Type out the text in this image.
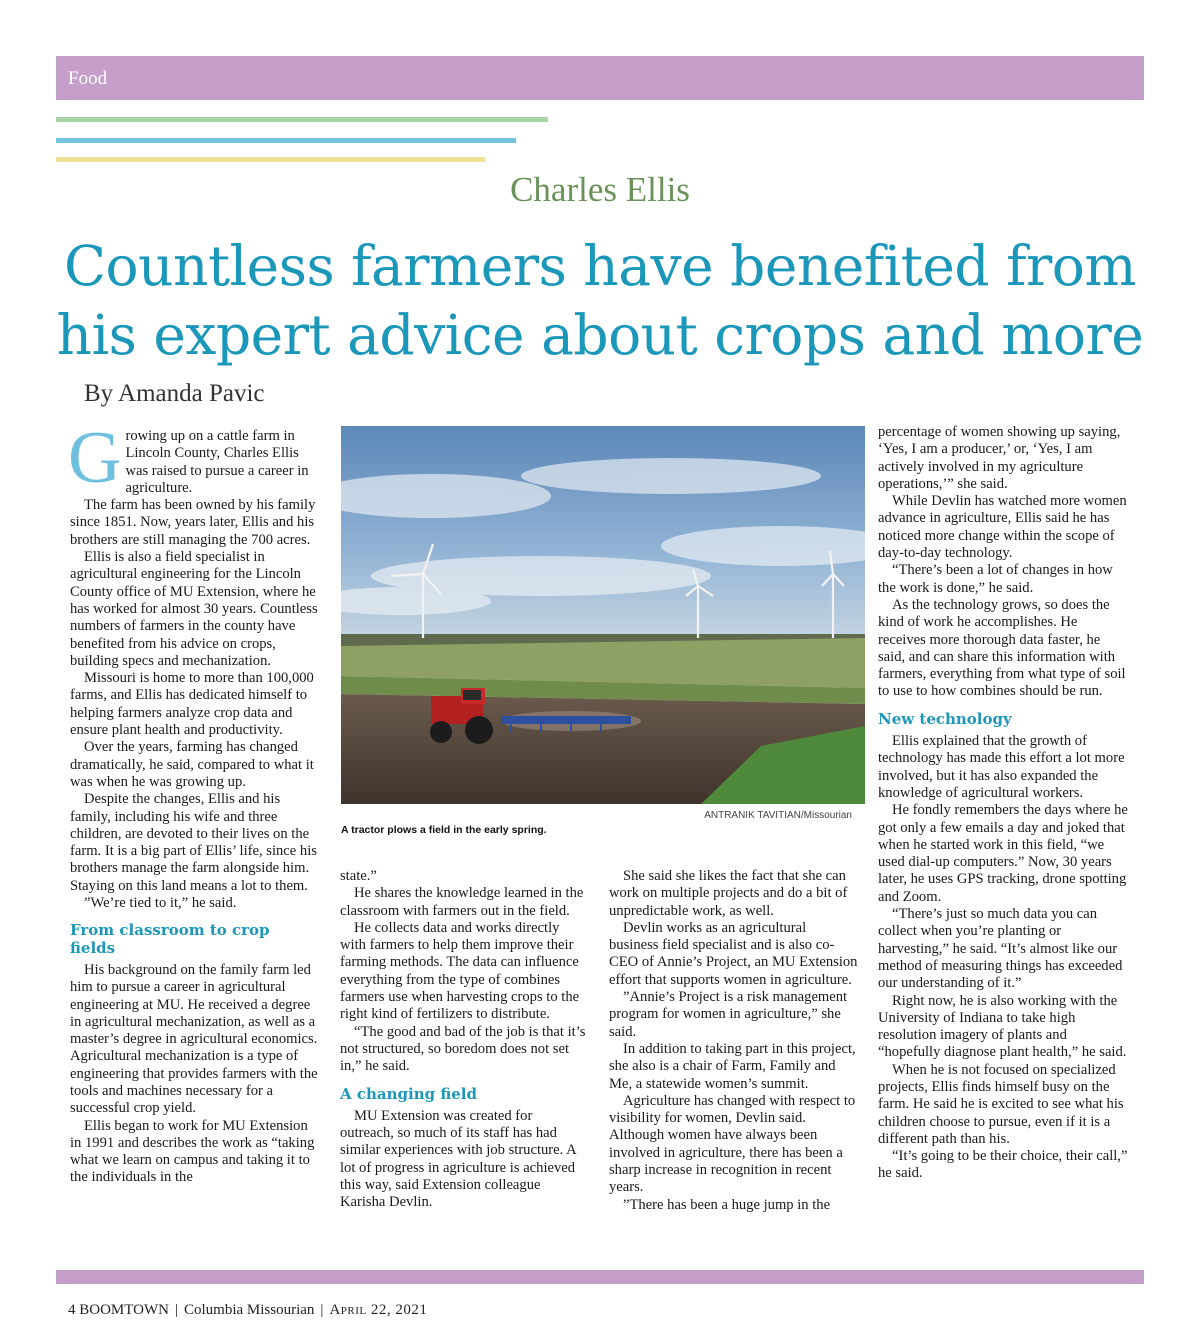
Food
Charles Ellis
Countless farmers have benefited from
his expert advice about crops and more
By Amanda Pavic

Growing up on a cattle farm in Lincoln County, Charles Ellis was raised to pursue a career in agriculture.

The farm has been owned by his family since 1851. Now, years later, Ellis and his brothers are still managing the 700 acres.

Ellis is also a field specialist in agricultural engineering for the Lincoln County office of MU Extension, where he has worked for almost 30 years. Countless numbers of farmers in the county have benefited from his advice on crops, building specs and mechanization.

Missouri is home to more than 100,000 farms, and Ellis has dedicated himself to helping farmers analyze crop data and ensure plant health and productivity.

Over the years, farming has changed dramatically, he said, compared to what it was when he was growing up.

Despite the changes, Ellis and his family, including his wife and three children, are devoted to their lives on the farm. It is a big part of Ellis’ life, since his brothers manage the farm alongside him. Staying on this land means a lot to them.

”We’re tied to it,” he said.

From classroom to crop fields

His background on the family farm led him to pursue a career in agricultural engineering at MU. He received a degree in agricultural mechanization, as well as a master’s degree in agricultural economics. Agricultural mechanization is a type of engineering that provides farmers with the tools and machines necessary for a successful crop yield.

Ellis began to work for MU Extension in 1991 and describes the work as “taking what we learn on campus and taking it to the individuals in the

ANTRANIK TAVITIAN/Missourian
A tractor plows a field in the early spring.

state.”

He shares the knowledge learned in the classroom with farmers out in the field.

He collects data and works directly with farmers to help them improve their farming methods. The data can influence everything from the type of combines farmers use when harvesting crops to the right kind of fertilizers to distribute.

“The good and bad of the job is that it’s not structured, so boredom does not set in,” he said.

A changing field

MU Extension was created for outreach, so much of its staff has had similar experiences with job structure. A lot of progress in agriculture is achieved this way, said Extension colleague Karisha Devlin.

She said she likes the fact that she can work on multiple projects and do a bit of unpredictable work, as well.

Devlin works as an agricultural business field specialist and is also co-CEO of Annie’s Project, an MU Extension effort that supports women in agriculture.

”Annie’s Project is a risk management program for women in agriculture,” she said.

In addition to taking part in this project, she also is a chair of Farm, Family and Me, a statewide women’s summit.

Agriculture has changed with respect to visibility for women, Devlin said. Although women have always been involved in agriculture, there has been a sharp increase in recognition in recent years.

”There has been a huge jump in the

percentage of women showing up saying, ‘Yes, I am a producer,’ or, ‘Yes, I am actively involved in my agriculture operations,’” she said.

While Devlin has watched more women advance in agriculture, Ellis said he has noticed more change within the scope of day-to-day technology.

“There’s been a lot of changes in how the work is done,” he said.

As the technology grows, so does the kind of work he accomplishes. He receives more thorough data faster, he said, and can share this information with farmers, everything from what type of soil to use to how combines should be run.

New technology

Ellis explained that the growth of technology has made this effort a lot more involved, but it has also expanded the knowledge of agricultural workers.

He fondly remembers the days where he got only a few emails a day and joked that when he started work in this field, “we used dial-up computers.” Now, 30 years later, he uses GPS tracking, drone spotting and Zoom.

“There’s just so much data you can collect when you’re planting or harvesting,” he said. “It’s almost like our method of measuring things has exceeded our understanding of it.”

Right now, he is also working with the University of Indiana to take high resolution imagery of plants and “hopefully diagnose plant health,” he said.

When he is not focused on specialized projects, Ellis finds himself busy on the farm. He said he is excited to see what his children choose to pursue, even if it is a different path than his.

“It’s going to be their choice, their call,” he said.

4 BOOMTOWN | Columbia Missourian | April 22, 2021
